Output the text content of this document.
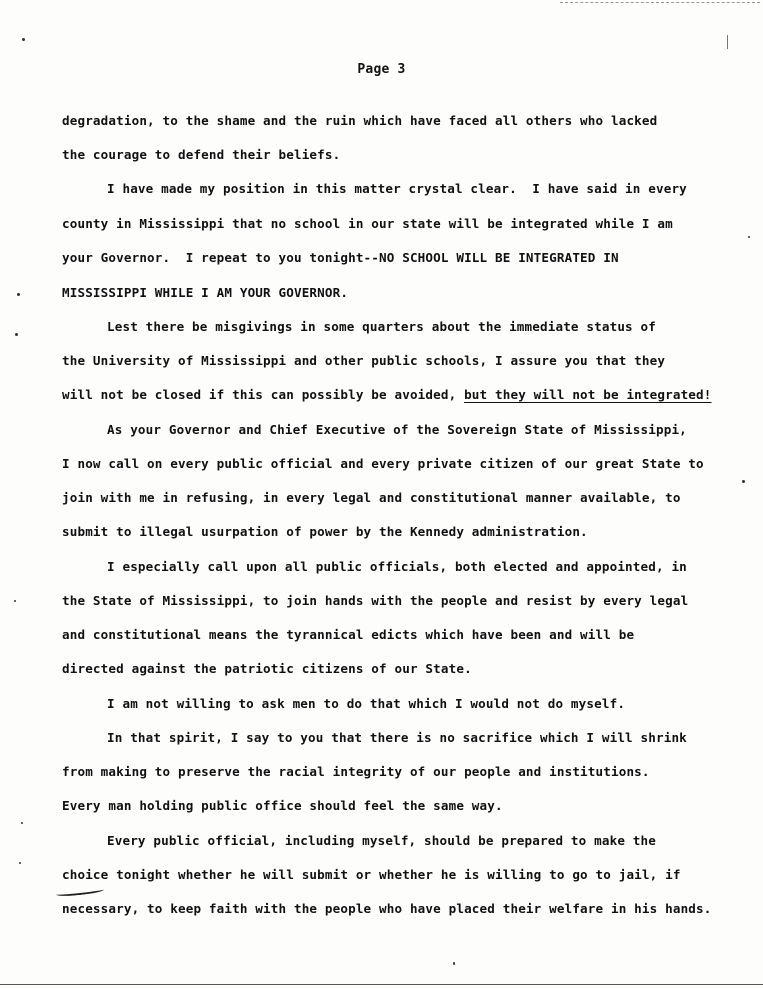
Page 3
degradation, to the shame and the ruin which have faced all others who lacked
the courage to defend their beliefs.
I have made my position in this matter crystal clear.  I have said in every
county in Mississippi that no school in our state will be integrated while I am
your Governor.  I repeat to you tonight--NO SCHOOL WILL BE INTEGRATED IN
MISSISSIPPI WHILE I AM YOUR GOVERNOR.
Lest there be misgivings in some quarters about the immediate status of
the University of Mississippi and other public schools, I assure you that they
will not be closed if this can possibly be avoided, but they will not be integrated!
As your Governor and Chief Executive of the Sovereign State of Mississippi,
I now call on every public official and every private citizen of our great State to
join with me in refusing, in every legal and constitutional manner available, to
submit to illegal usurpation of power by the Kennedy administration.
I especially call upon all public officials, both elected and appointed, in
the State of Mississippi, to join hands with the people and resist by every legal
and constitutional means the tyrannical edicts which have been and will be
directed against the patriotic citizens of our State.
I am not willing to ask men to do that which I would not do myself.
In that spirit, I say to you that there is no sacrifice which I will shrink
from making to preserve the racial integrity of our people and institutions.
Every man holding public office should feel the same way.
Every public official, including myself, should be prepared to make the
choice tonight whether he will submit or whether he is willing to go to jail, if
necessary, to keep faith with the people who have placed their welfare in his hands.
